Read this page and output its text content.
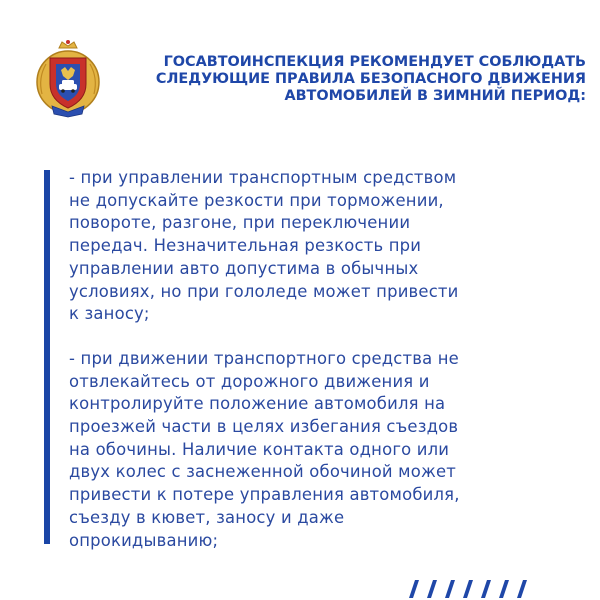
ГОСАВТОИНСПЕКЦИЯ РЕКОМЕНДУЕТ СОБЛЮДАТЬ
СЛЕДУЮЩИЕ ПРАВИЛА БЕЗОПАСНОГО ДВИЖЕНИЯ
АВТОМОБИЛЕЙ В ЗИМНИЙ ПЕРИОД:

- при управлении транспортным средством
не допускайте резкости при торможении,
повороте, разгоне, при переключении
передач. Незначительная резкость при
управлении авто допустима в обычных
условиях, но при гололеде может привести
к заносу;

- при движении транспортного средства не
отвлекайтесь от дорожного движения и
контролируйте положение автомобиля на
проезжей части в целях избегания съездов
на обочины. Наличие контакта одного или
двух колес с заснеженной обочиной может
привести к потере управления автомобиля,
съезду в кювет, заносу и даже
опрокидыванию;
